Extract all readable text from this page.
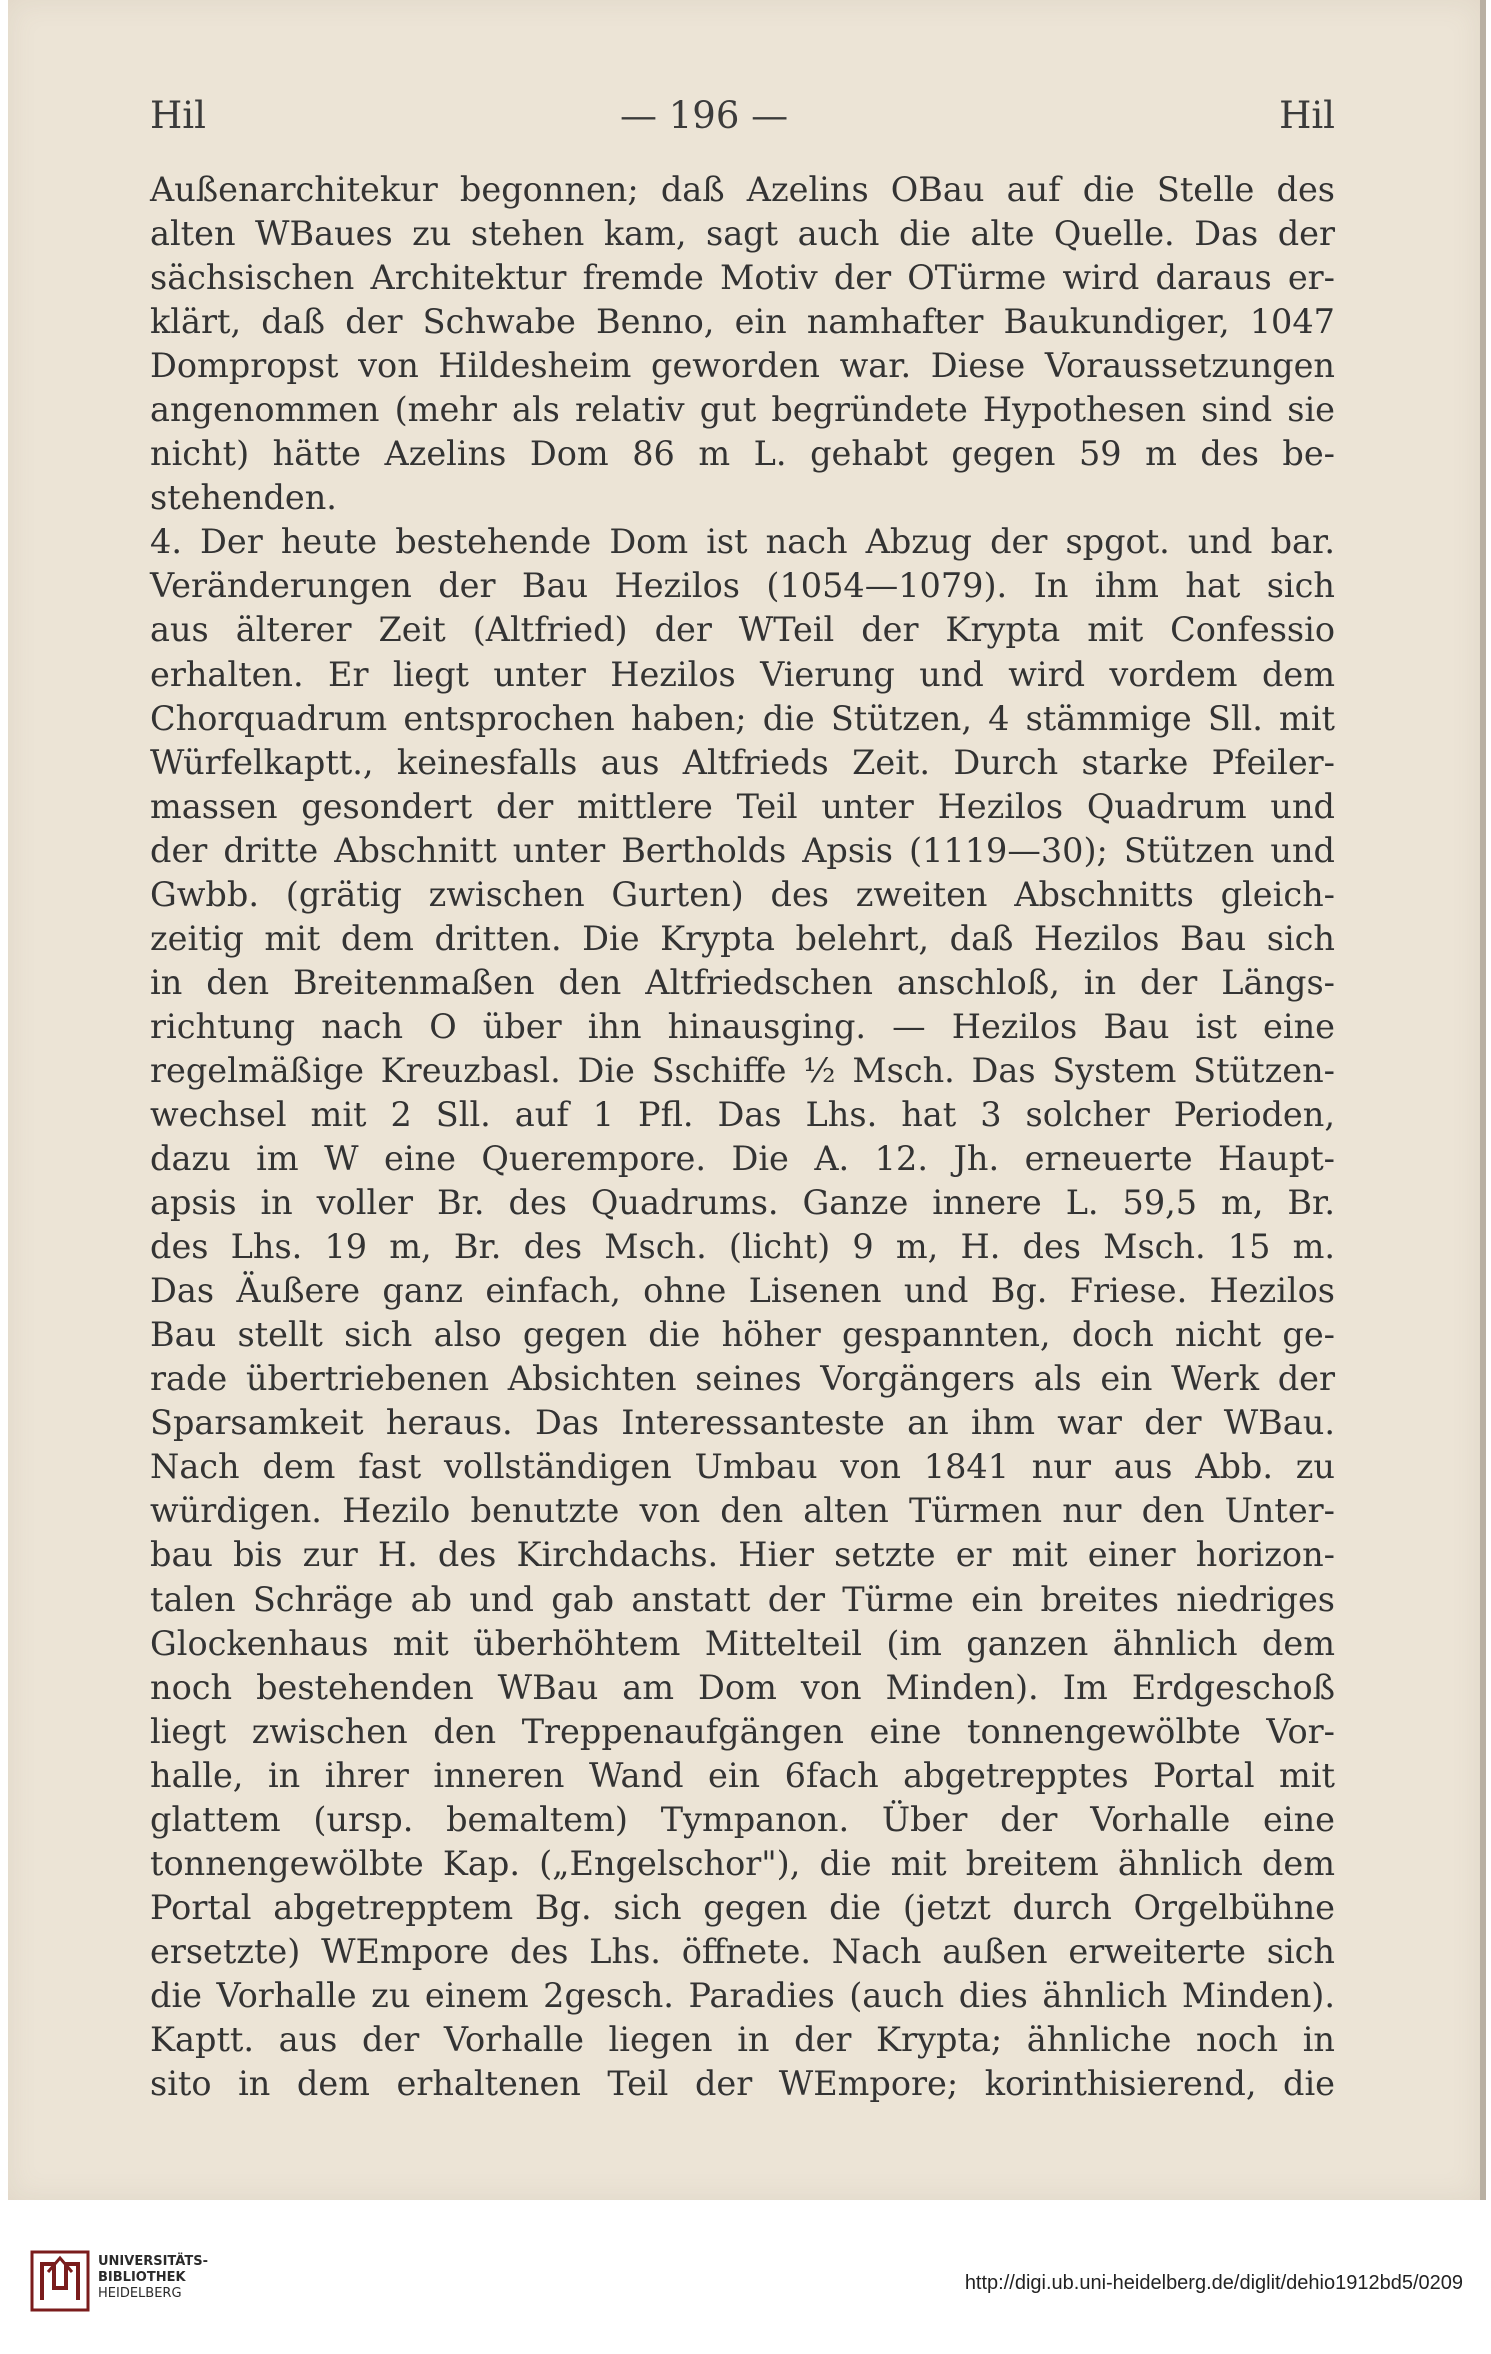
Hil	— 196 —	Hil
Außenarchitekur begonnen; daß Azelins OBau auf die Stelle des
alten WBaues zu stehen kam, sagt auch die alte Quelle. Das der
sächsischen Architektur fremde Motiv der OTürme wird daraus er-
klärt, daß der Schwabe Benno, ein namhafter Baukundiger, 1047
Dompropst von Hildesheim geworden war. Diese Voraussetzungen
angenommen (mehr als relativ gut begründete Hypothesen sind sie
nicht) hätte Azelins Dom 86 m L. gehabt gegen 59 m des be-
stehenden.
4. Der heute bestehende Dom ist nach Abzug der spgot. und bar.
Veränderungen der Bau Hezilos (1054—1079). In ihm hat sich
aus älterer Zeit (Altfried) der WTeil der Krypta mit Confessio
erhalten. Er liegt unter Hezilos Vierung und wird vordem dem
Chorquadrum entsprochen haben; die Stützen, 4 stämmige Sll. mit
Würfelkaptt., keinesfalls aus Altfrieds Zeit. Durch starke Pfeiler-
massen gesondert der mittlere Teil unter Hezilos Quadrum und
der dritte Abschnitt unter Bertholds Apsis (1119—30); Stützen und
Gwbb. (grätig zwischen Gurten) des zweiten Abschnitts gleich-
zeitig mit dem dritten. Die Krypta belehrt, daß Hezilos Bau sich
in den Breitenmaßen den Altfriedschen anschloß, in der Längs-
richtung nach O über ihn hinausging. — Hezilos Bau ist eine
regelmäßige Kreuzbasl. Die Sschiffe ½ Msch. Das System Stützen-
wechsel mit 2 Sll. auf 1 Pfl. Das Lhs. hat 3 solcher Perioden,
dazu im W eine Querempore. Die A. 12. Jh. erneuerte Haupt-
apsis in voller Br. des Quadrums. Ganze innere L. 59,5 m, Br.
des Lhs. 19 m, Br. des Msch. (licht) 9 m, H. des Msch. 15 m.
Das Äußere ganz einfach, ohne Lisenen und Bg. Friese. Hezilos
Bau stellt sich also gegen die höher gespannten, doch nicht ge-
rade übertriebenen Absichten seines Vorgängers als ein Werk der
Sparsamkeit heraus. Das Interessanteste an ihm war der WBau.
Nach dem fast vollständigen Umbau von 1841 nur aus Abb. zu
würdigen. Hezilo benutzte von den alten Türmen nur den Unter-
bau bis zur H. des Kirchdachs. Hier setzte er mit einer horizon-
talen Schräge ab und gab anstatt der Türme ein breites niedriges
Glockenhaus mit überhöhtem Mittelteil (im ganzen ähnlich dem
noch bestehenden WBau am Dom von Minden). Im Erdgeschoß
liegt zwischen den Treppenaufgängen eine tonnengewölbte Vor-
halle, in ihrer inneren Wand ein 6fach abgetrepptes Portal mit
glattem (ursp. bemaltem) Tympanon. Über der Vorhalle eine
tonnengewölbte Kap. („Engelschor"), die mit breitem ähnlich dem
Portal abgetrepptem Bg. sich gegen die (jetzt durch Orgelbühne
ersetzte) WEmpore des Lhs. öffnete. Nach außen erweiterte sich
die Vorhalle zu einem 2gesch. Paradies (auch dies ähnlich Minden).
Kaptt. aus der Vorhalle liegen in der Krypta; ähnliche noch in
sito in dem erhaltenen Teil der WEmpore; korinthisierend, die
UNIVERSITÄTS-
BIBLIOTHEK
HEIDELBERG	http://digi.ub.uni-heidelberg.de/diglit/dehio1912bd5/0209
